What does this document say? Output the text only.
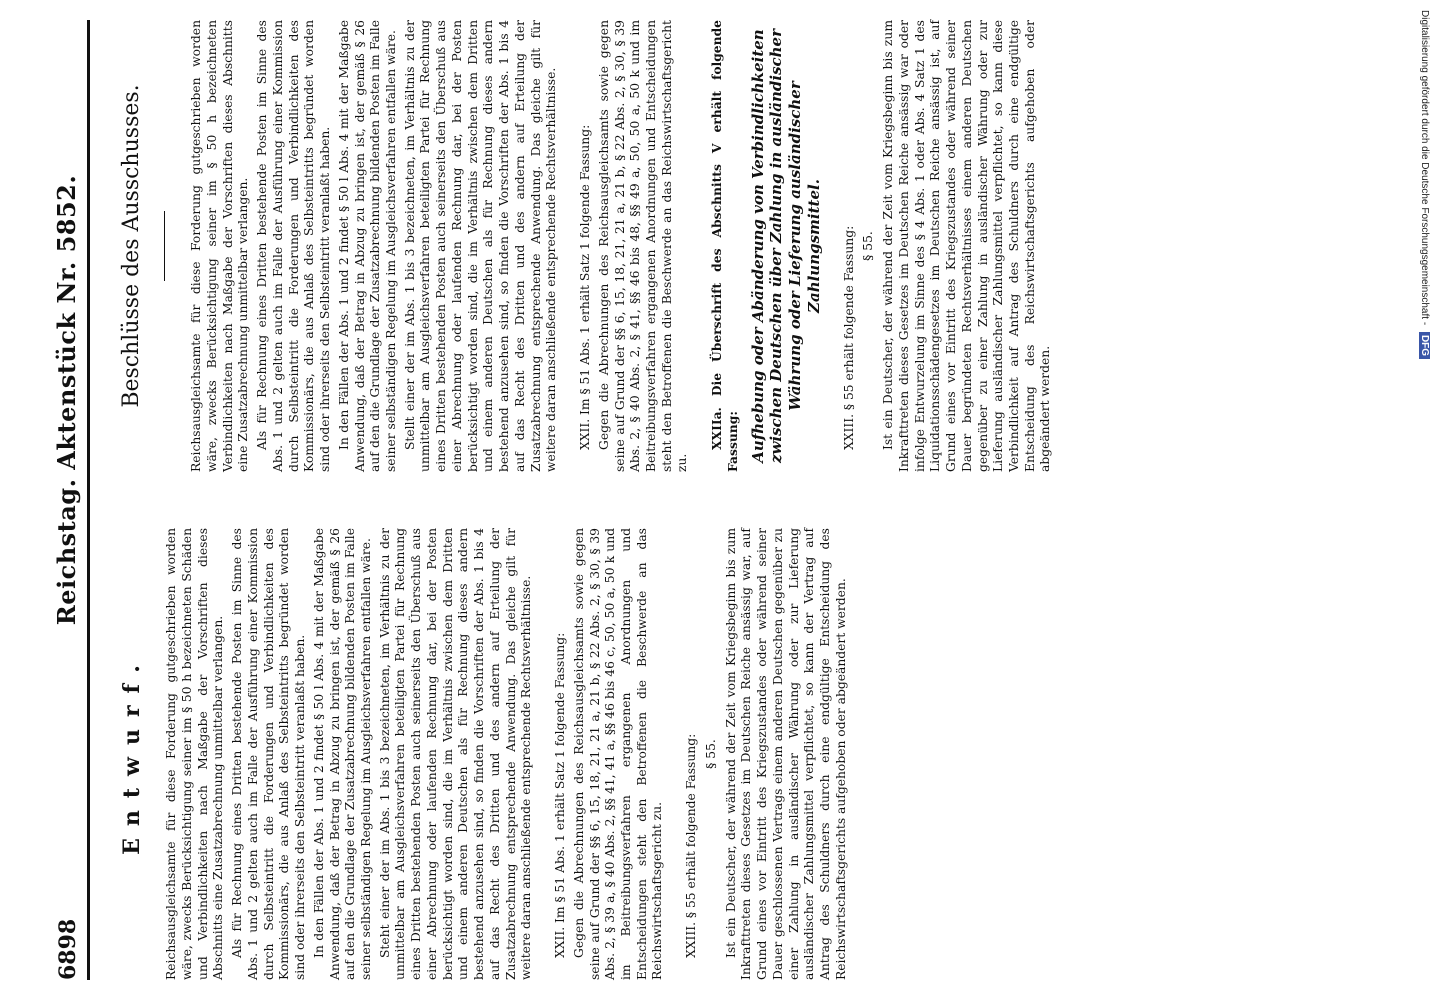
6898
Reichstag. Aktenstück Nr. 5852.
Entwurf. Reichsausgleichsamte für diese Forderung gutgeschrieben worden wäre, zwecks Berücksichtigung seiner im § 50 h bezeichneten Schäden und Verbindlichkeiten nach Maßgabe der Vorschriften dieses Abschnitts eine Zusatzabrechnung unmittelbar verlangen. Als für Rechnung eines Dritten bestehende Posten im Sinne des Abs. 1 und 2 gelten auch im Falle der Ausführung einer Kommission durch Selbsteintritt die Forderungen und Verbindlichkeiten des Kommissionärs, die aus Anlaß des Selbsteintritts begründet worden sind oder ihrerseits den Selbsteintritt veranlaßt haben. In den Fällen der Abs. 1 und 2 findet § 50 l Abs. 4 mit der Maßgabe Anwendung, daß der Betrag in Abzug zu bringen ist, der gemäß § 26 auf den die Grundlage der Zusatzabrechnung bildenden Posten im Falle seiner selbständigen Regelung im Ausgleichsverfahren entfallen wäre. Steht einer der im Abs. 1 bis 3 bezeichneten, im Verhältnis zu der unmittelbar am Ausgleichsverfahren beteiligten Partei für Rechnung eines Dritten bestehenden Posten auch seinerseits den Überschuß aus einer Abrechnung oder laufenden Rechnung dar, bei der Posten berücksichtigt worden sind, die im Verhältnis zwischen dem Dritten und einem anderen Deutschen als für Rechnung dieses andern bestehend anzusehen sind, so finden die Vorschriften der Abs. 1 bis 4 auf das Recht des Dritten und des andern auf Erteilung der Zusatzabrechnung entsprechende Anwendung. Das gleiche gilt für weitere daran anschließende entsprechende Rechtsverhältnisse. XXII. Im § 51 Abs. 1 erhält Satz 1 folgende Fassung: Gegen die Abrechnungen des Reichsausgleichsamts sowie gegen seine auf Grund der §§ 6, 15, 18, 21, 21 a, 21 b, § 22 Abs. 2, § 30, § 39 Abs. 2, § 39 a, § 40 Abs. 2, §§ 41, 41 a, §§ 46 bis 46 c, 50, 50 a, 50 k und im Beitreibungsverfahren ergangenen Anordnungen und Entscheidungen steht den Betroffenen die Beschwerde an das Reichswirtschaftsgericht zu. XXIII. § 55 erhält folgende Fassung: § 55. Ist ein Deutscher, der während der Zeit vom Kriegsbeginn bis zum Inkrafttreten dieses Gesetzes im Deutschen Reiche ansässig war, auf Grund eines vor Eintritt des Kriegszustandes oder während seiner Dauer geschlossenen Vertrags einem anderen Deutschen gegenüber zu einer Zahlung in ausländischer Währung oder zur Lieferung ausländischer Zahlungsmittel verpflichtet, so kann der Vertrag auf Antrag des Schuldners durch eine endgültige Entscheidung des Reichswirtschaftsgerichts aufgehoben oder abgeändert werden.

Beschlüsse des Ausschusses.	Reichsausgleichsamte für diese Forderung gutgeschrieben worden wäre, zwecks Berücksichtigung seiner im § 50 h bezeichneten Verbindlichkeiten nach Maßgabe der Vorschriften dieses Abschnitts eine Zusatzabrechnung unmittelbar verlangen. Als für Rechnung eines Dritten bestehende Posten im Sinne des Abs. 1 und 2 gelten auch im Falle der Ausführung einer Kommission durch Selbsteintritt die Forderungen und Verbindlichkeiten des Kommissionärs, die aus Anlaß des Selbsteintritts begründet worden sind oder ihrerseits den Selbsteintritt veranlaßt haben. In den Fällen der Abs. 1 und 2 findet § 50 l Abs. 4 mit der Maßgabe Anwendung, daß der Betrag in Abzug zu bringen ist, der gemäß § 26 auf den die Grundlage der Zusatzabrechnung bildenden Posten im Falle seiner selbständigen Regelung im Ausgleichsverfahren entfallen wäre. Stellt einer der im Abs. 1 bis 3 bezeichneten, im Verhältnis zu der unmittelbar am Ausgleichsverfahren beteiligten Partei für Rechnung eines Dritten bestehenden Posten auch seinerseits den Überschuß aus einer Abrechnung oder laufenden Rechnung dar, bei der Posten berücksichtigt worden sind, die im Verhältnis zwischen dem Dritten und einem anderen Deutschen als für Rechnung dieses andern bestehend anzusehen sind, so finden die Vorschriften der Abs. 1 bis 4 auf das Recht des Dritten und des andern auf Erteilung der Zusatzabrechnung entsprechende Anwendung. Das gleiche gilt für weitere daran anschließende entsprechende Rechtsverhältnisse. XXII. Im § 51 Abs. 1 erhält Satz 1 folgende Fassung: Gegen die Abrechnungen des Reichsausgleichsamts sowie gegen seine auf Grund der §§ 6, 15, 18, 21, 21 a, 21 b, § 22 Abs. 2, § 30, § 39 Abs. 2, § 40 Abs. 2, § 41, §§ 46 bis 48, §§ 49 a, 50, 50 a, 50 k und im Beitreibungsverfahren ergangenen Anordnungen und Entscheidungen steht den Betroffenen die Beschwerde an das Reichswirtschaftsgericht zu.

XXIIa. Die Überschrift des Abschnitts V erhält folgende Fassung: Aufhebung oder Abänderung von Verbindlichkeiten zwischen Deutschen über Zahlung in ausländischer Währung oder Lieferung ausländischer Zahlungsmittel. XXIII. § 55 erhält folgende Fassung: § 55. Ist ein Deutscher, der während der Zeit vom Kriegsbeginn bis zum Inkrafttreten dieses Gesetzes im Deutschen Reiche ansässig war oder infolge Entwurzelung im Sinne des § 4 Abs. 1 oder Abs. 4 Satz 1 des Liquidationsschädengesetzes im Deutschen Reiche ansässig ist, auf Grund eines vor Eintritt des Kriegszustandes oder während seiner Dauer begründeten Rechtsverhältnisses einem anderen Deutschen gegenüber zu einer Zahlung in ausländischer Währung oder zur Lieferung ausländischer Zahlungsmittel verpflichtet, so kann diese Verbindlichkeit auf Antrag des Schuldners durch eine endgültige Entscheidung des Reichswirtschaftsgerichts aufgehoben oder abgeändert werden.

Digitalisierung gefördert durch die Deutsche Forschungsgemeinschaft - DFG
